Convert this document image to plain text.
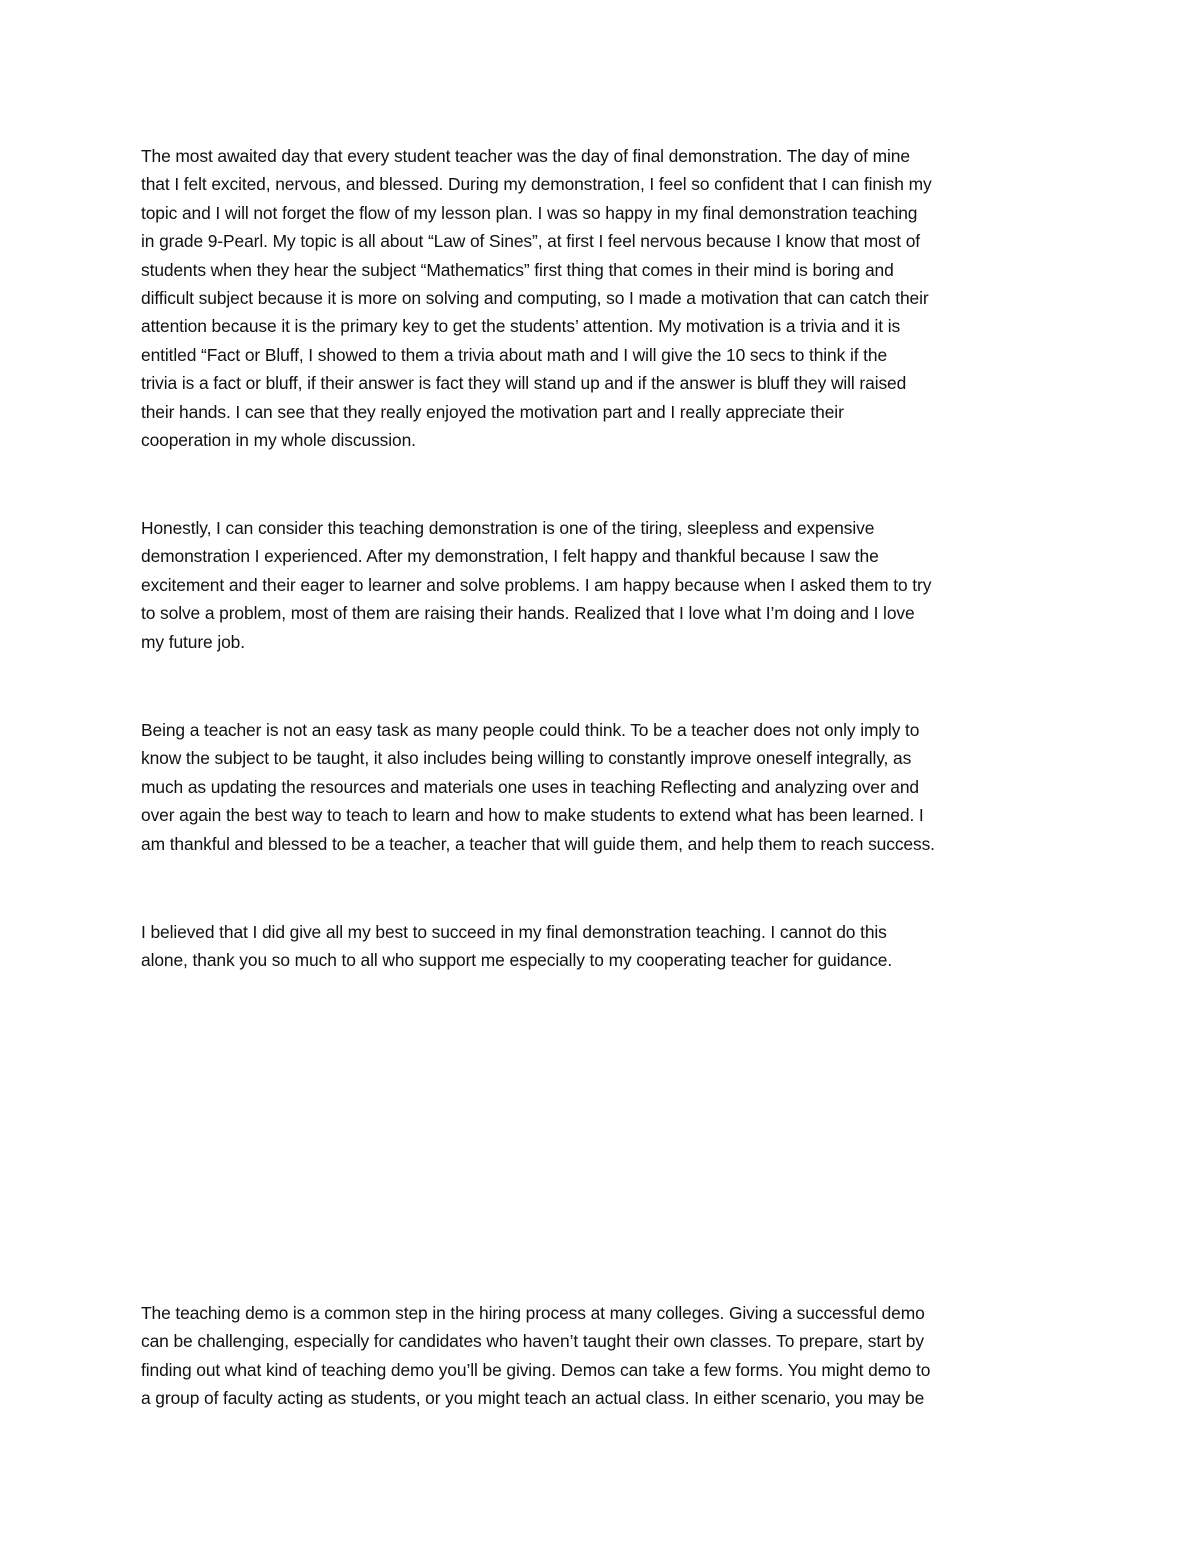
The most awaited day that every student teacher was the day of final demonstration. The day of mine
that I felt excited, nervous, and blessed. During my demonstration, I feel so confident that I can finish my
topic and I will not forget the flow of my lesson plan. I was so happy in my final demonstration teaching
in grade 9-Pearl. My topic is all about “Law of Sines”, at first I feel nervous because I know that most of
students when they hear the subject “Mathematics” first thing that comes in their mind is boring and
difficult subject because it is more on solving and computing, so I made a motivation that can catch their
attention because it is the primary key to get the students’ attention. My motivation is a trivia and it is
entitled “Fact or Bluff, I showed to them a trivia about math and I will give the 10 secs to think if the
trivia is a fact or bluff, if their answer is fact they will stand up and if the answer is bluff they will raised
their hands. I can see that they really enjoyed the motivation part and I really appreciate their
cooperation in my whole discussion.

Honestly, I can consider this teaching demonstration is one of the tiring, sleepless and expensive
demonstration I experienced. After my demonstration, I felt happy and thankful because I saw the
excitement and their eager to learner and solve problems. I am happy because when I asked them to try
to solve a problem, most of them are raising their hands. Realized that I love what I’m doing and I love
my future job.

Being a teacher is not an easy task as many people could think. To be a teacher does not only imply to
know the subject to be taught, it also includes being willing to constantly improve oneself integrally, as
much as updating the resources and materials one uses in teaching Reflecting and analyzing over and
over again the best way to teach to learn and how to make students to extend what has been learned. I
am thankful and blessed to be a teacher, a teacher that will guide them, and help them to reach success.

I believed that I did give all my best to succeed in my final demonstration teaching. I cannot do this
alone, thank you so much to all who support me especially to my cooperating teacher for guidance.

The teaching demo is a common step in the hiring process at many colleges. Giving a successful demo
can be challenging, especially for candidates who haven’t taught their own classes. To prepare, start by
finding out what kind of teaching demo you’ll be giving. Demos can take a few forms. You might demo to
a group of faculty acting as students, or you might teach an actual class. In either scenario, you may be
